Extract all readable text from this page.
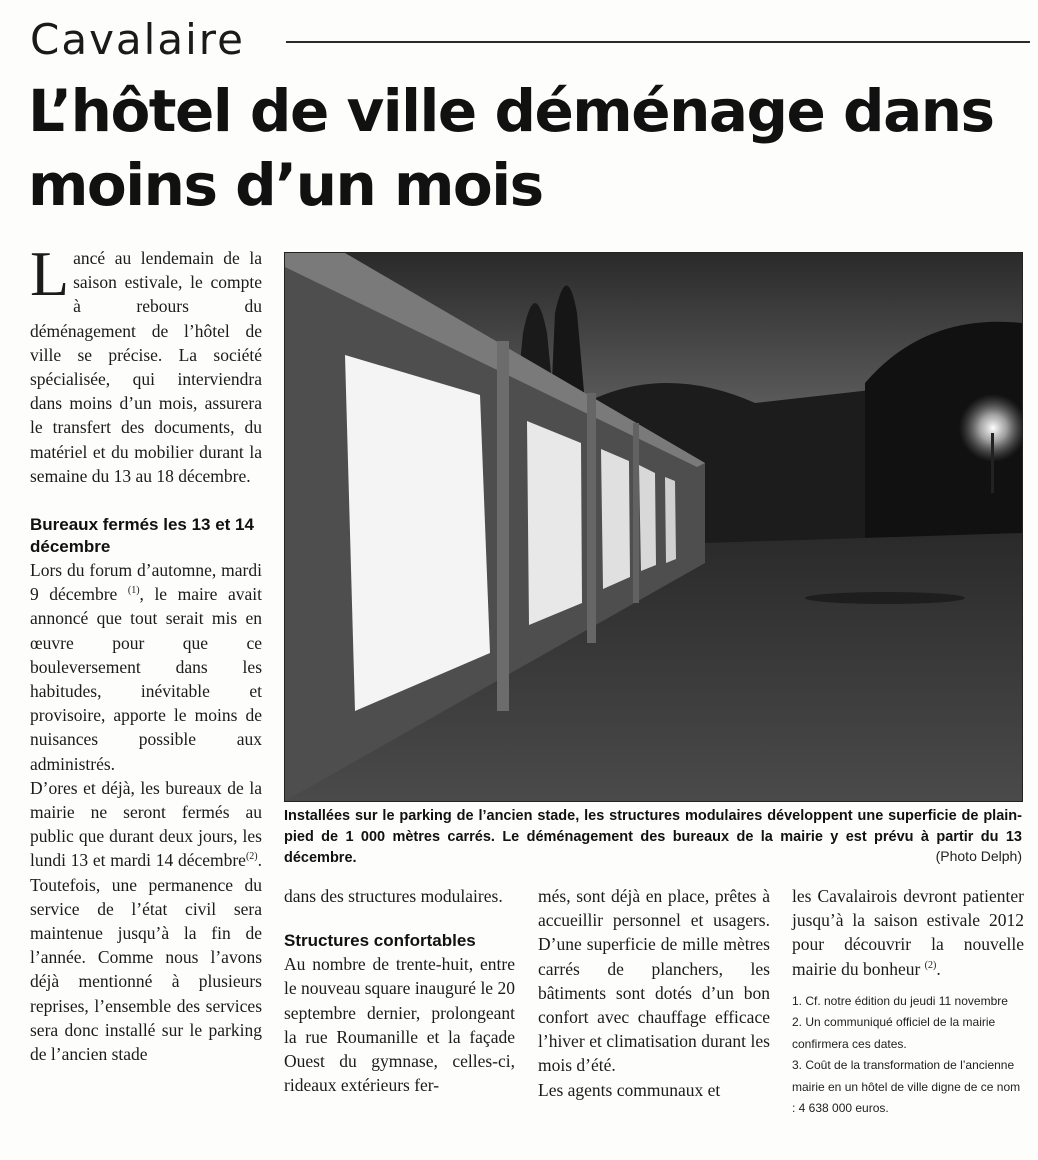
Cavalaire
L’hôtel de ville déménage dans moins d’un mois

Lancé au lendemain de la saison estivale, le compte à rebours du déménagement de l’hôtel de ville se précise. La société spécialisée, qui interviendra dans moins d’un mois, assurera le transfert des documents, du matériel et du mobilier durant la semaine du 13 au 18 décembre.

Bureaux fermés les 13 et 14 décembre

Lors du forum d’automne, mardi 9 décembre $^{(1)}$, le maire avait annoncé que tout serait mis en œuvre pour que ce bouleversement dans les habitudes, inévitable et provisoire, apporte le moins de nuisances possible aux administrés.

D’ores et déjà, les bureaux de la mairie ne seront fermés au public que durant deux jours, les lundi 13 et mardi 14 décembre$^{(2)}$. Toutefois, une permanence du service de l’état civil sera maintenue jusqu’à la fin de l’année. Comme nous l’avons déjà mentionné à plusieurs reprises, l’ensemble des services sera donc installé sur le parking de l’ancien stade

Installées sur le parking de l’ancien stade, les structures modulaires développent une superficie de plain-pied de 1 000 mètres carrés. Le déménagement des bureaux de la mairie y est prévu à partir du 13 décembre.	(Photo Delph)

dans des structures modulaires.

Structures confortables

Au nombre de trente-huit, entre le nouveau square inauguré le 20 septembre dernier, prolongeant la rue Roumanille et la façade Ouest du gymnase, celles-ci, rideaux extérieurs fer-

més, sont déjà en place, prêtes à accueillir personnel et usagers. D’une superficie de mille mètres carrés de planchers, les bâtiments sont dotés d’un bon confort avec chauffage efficace l’hiver et climatisation durant les mois d’été.

Les agents communaux et

les Cavalairois devront patienter jusqu’à la saison estivale 2012 pour découvrir la nouvelle mairie du bonheur $^{(2)}$.

1. Cf. notre édition du jeudi 11 novembre

2. Un communiqué officiel de la mairie confirmera ces dates.

3. Coût de la transformation de l’ancienne mairie en un hôtel de ville digne de ce nom : 4 638 000 euros.
